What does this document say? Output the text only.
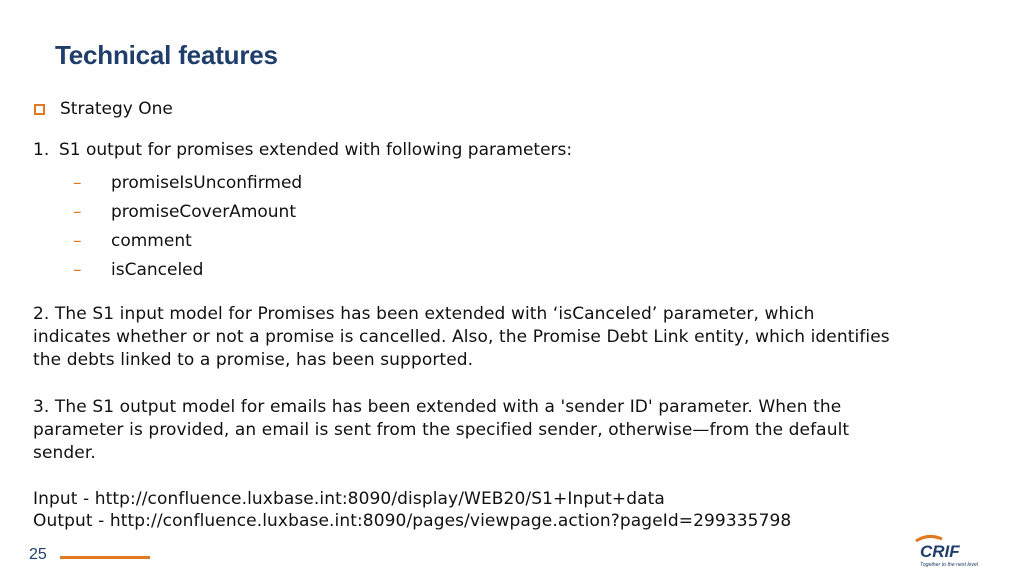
Technical features
Strategy One
1. S1 output for promises extended with following parameters:
–	promiseIsUnconfirmed
–	promiseCoverAmount
–	comment
–	isCanceled
2. The S1 input model for Promises has been extended with ‘isCanceled’ parameter, which
indicates whether or not a promise is cancelled. Also, the Promise Debt Link entity, which identifies
the debts linked to a promise, has been supported.
3. The S1 output model for emails has been extended with a 'sender ID' parameter. When the
parameter is provided, an email is sent from the specified sender, otherwise—from the default
sender.
Input - http://confluence.luxbase.int:8090/display/WEB20/S1+Input+data
Output - http://confluence.luxbase.int:8090/pages/viewpage.action?pageId=299335798
25	CRIF
Together to the next level
